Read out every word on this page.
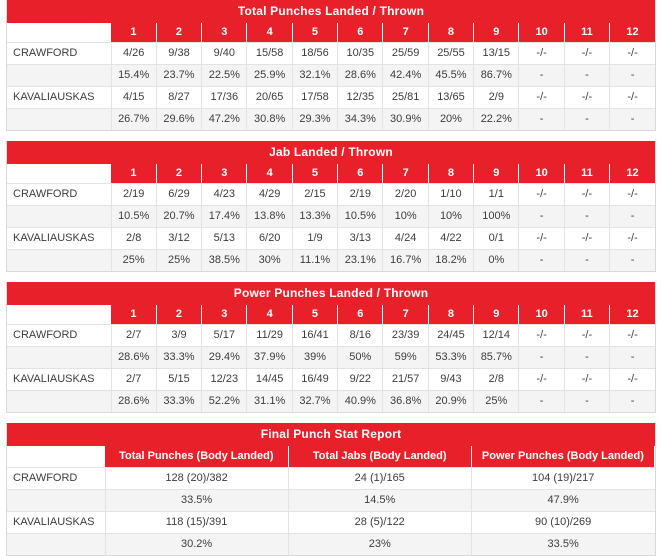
Total Punches Landed / Thrown
	1	2	3	4	5	6	7	8	9	10	11	12
CRAWFORD	4/26	9/38	9/40	15/58	18/56	10/35	25/59	25/55	13/15	-/-	-/-	-/-
	15.4%	23.7%	22.5%	25.9%	32.1%	28.6%	42.4%	45.5%	86.7%	-	-	-
KAVALIAUSKAS	4/15	8/27	17/36	20/65	17/58	12/35	25/81	13/65	2/9	-/-	-/-	-/-
	26.7%	29.6%	47.2%	30.8%	29.3%	34.3%	30.9%	20%	22.2%	-	-	-
Jab Landed / Thrown
	1	2	3	4	5	6	7	8	9	10	11	12
CRAWFORD	2/19	6/29	4/23	4/29	2/15	2/19	2/20	1/10	1/1	-/-	-/-	-/-
	10.5%	20.7%	17.4%	13.8%	13.3%	10.5%	10%	10%	100%	-	-	-
KAVALIAUSKAS	2/8	3/12	5/13	6/20	1/9	3/13	4/24	4/22	0/1	-/-	-/-	-/-
	25%	25%	38.5%	30%	11.1%	23.1%	16.7%	18.2%	0%	-	-	-
Power Punches Landed / Thrown
	1	2	3	4	5	6	7	8	9	10	11	12
CRAWFORD	2/7	3/9	5/17	11/29	16/41	8/16	23/39	24/45	12/14	-/-	-/-	-/-
	28.6%	33.3%	29.4%	37.9%	39%	50%	59%	53.3%	85.7%	-	-	-
KAVALIAUSKAS	2/7	5/15	12/23	14/45	16/49	9/22	21/57	9/43	2/8	-/-	-/-	-/-
	28.6%	33.3%	52.2%	31.1%	32.7%	40.9%	36.8%	20.9%	25%	-	-	-
Final Punch Stat Report
	Total Punches (Body Landed)	Total Jabs (Body Landed)	Power Punches (Body Landed)
CRAWFORD	128 (20)/382	24 (1)/165	104 (19)/217
	33.5%	14.5%	47.9%
KAVALIAUSKAS	118 (15)/391	28 (5)/122	90 (10)/269
	30.2%	23%	33.5%
